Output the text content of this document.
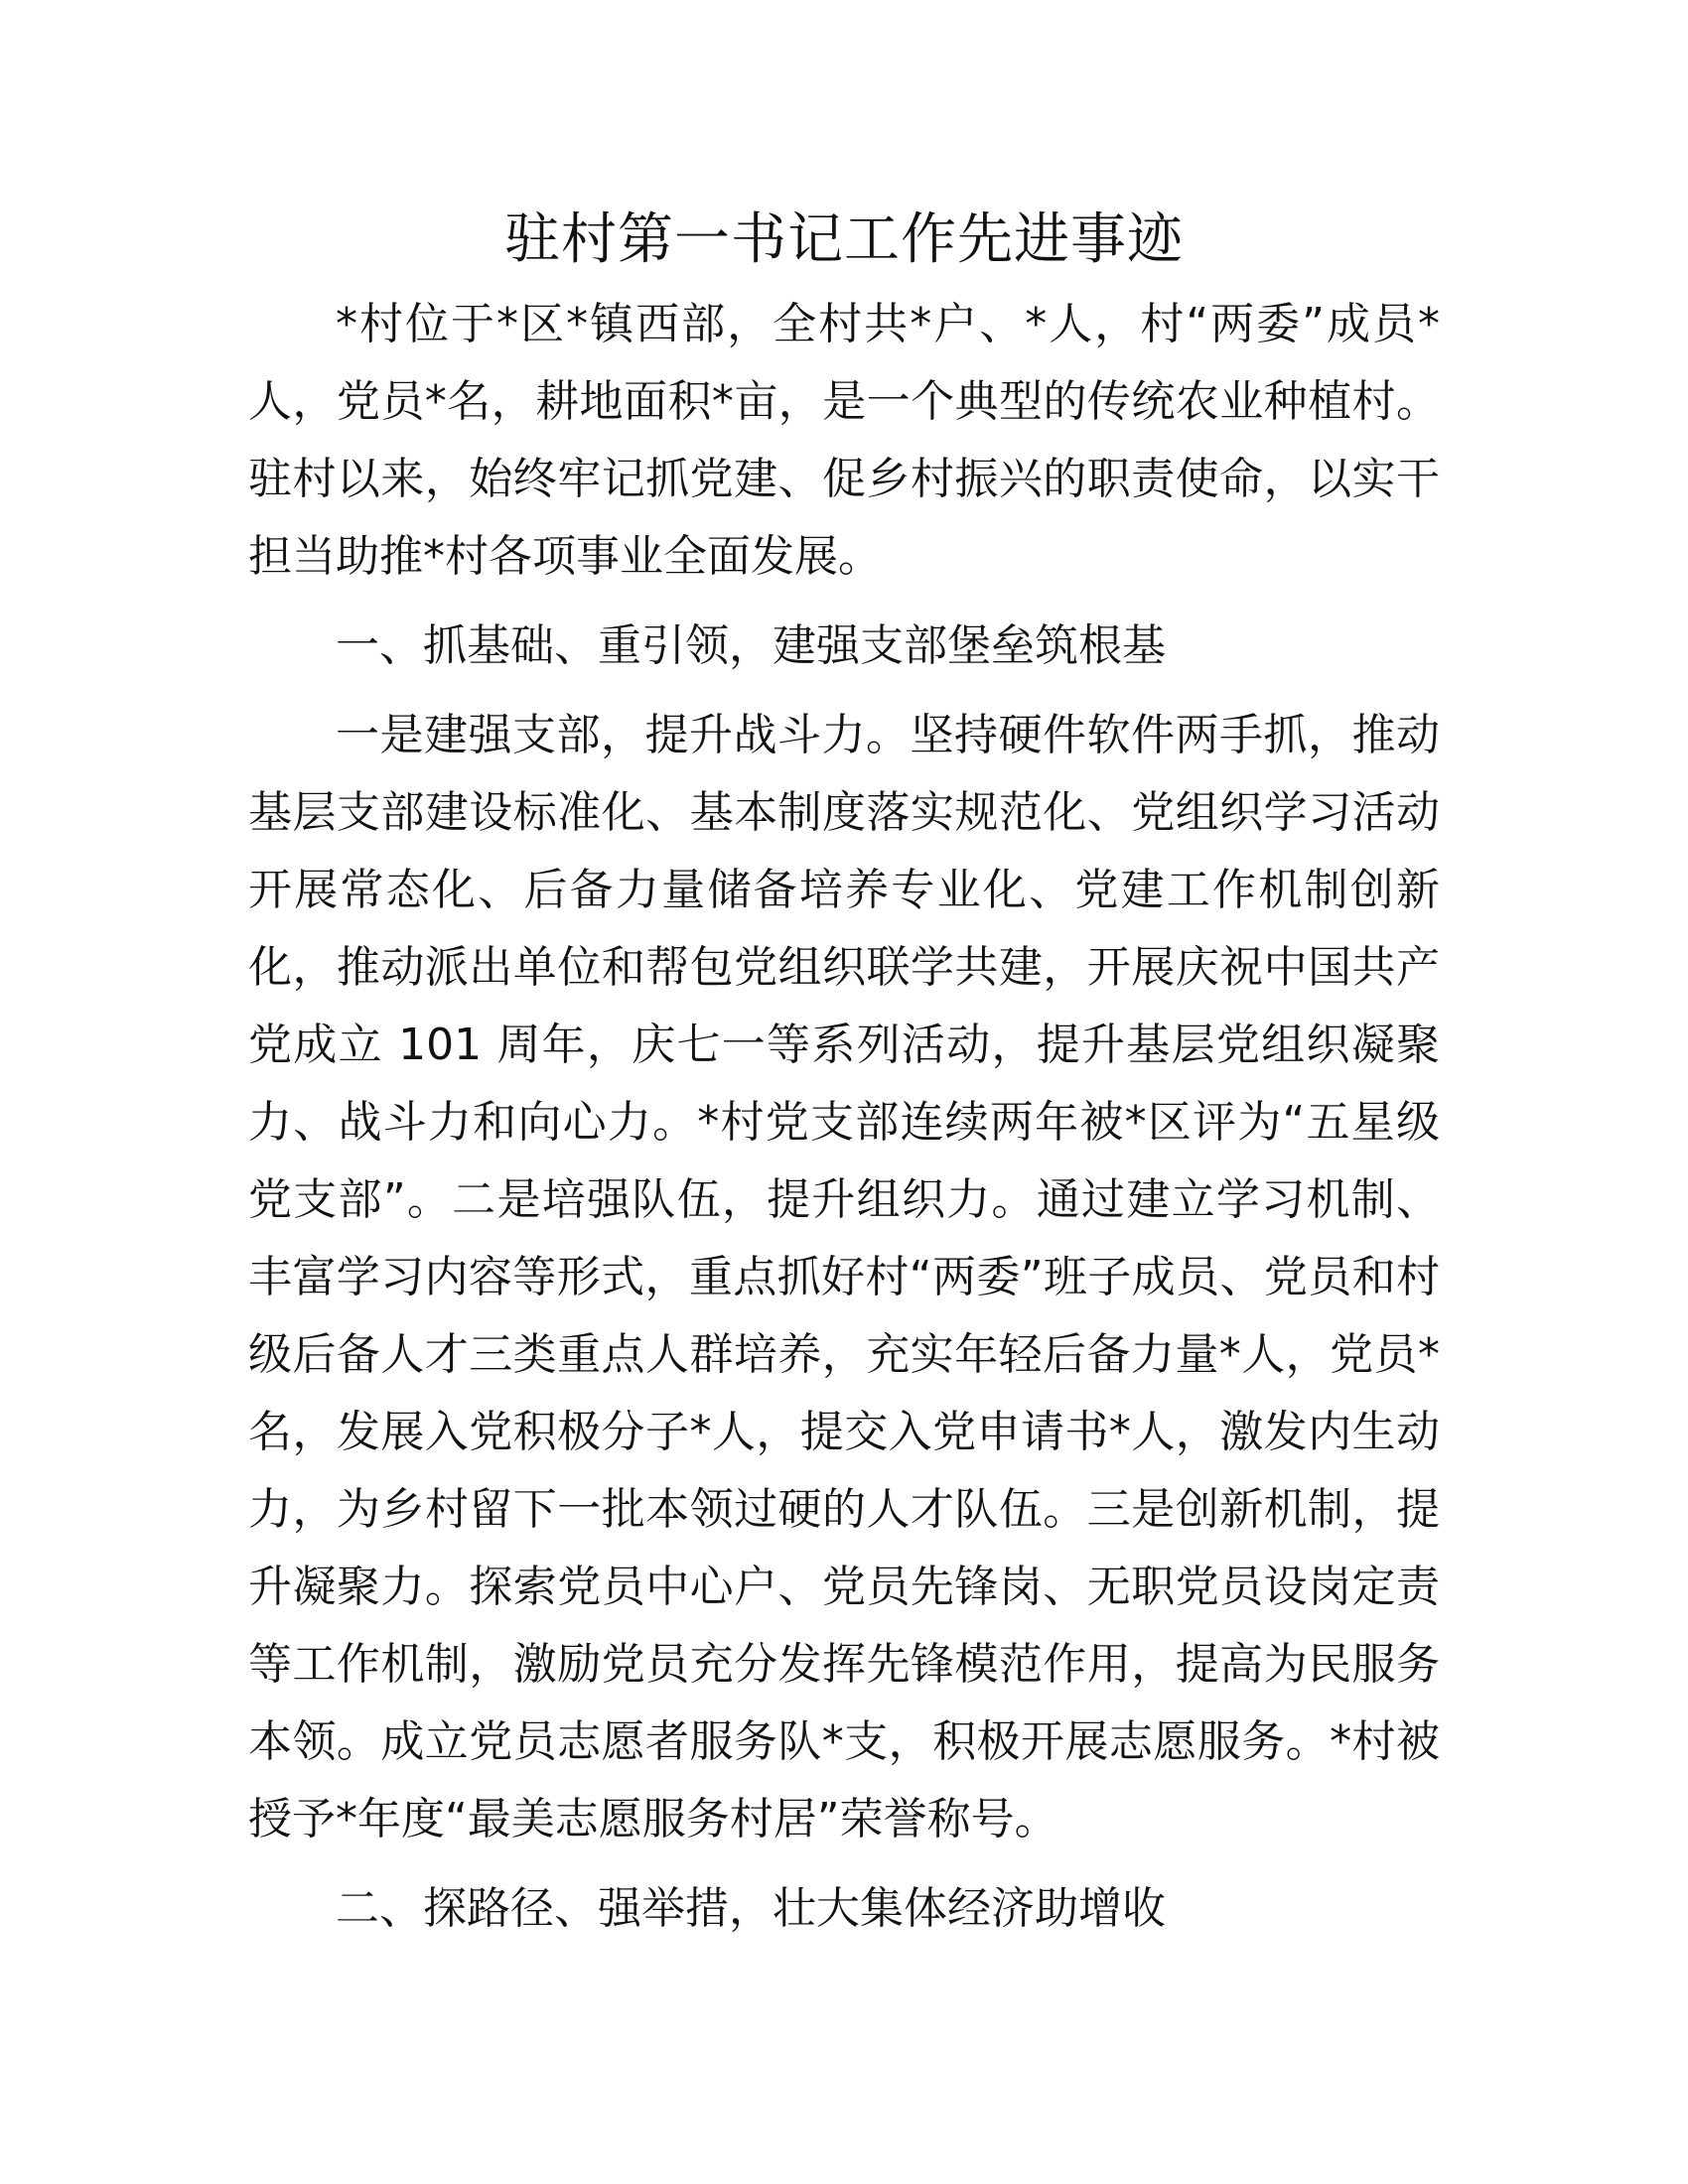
驻村第一书记工作先进事迹

*村位于*区*镇西部，全村共*户、*人，村“两委”成员*人，党员*名，耕地面积*亩，是一个典型的传统农业种植村。驻村以来，始终牢记抓党建、促乡村振兴的职责使命，以实干担当助推*村各项事业全面发展。

一、抓基础、重引领，建强支部堡垒筑根基

一是建强支部，提升战斗力。坚持硬件软件两手抓，推动基层支部建设标准化、基本制度落实规范化、党组织学习活动开展常态化、后备力量储备培养专业化、党建工作机制创新化，推动派出单位和帮包党组织联学共建，开展庆祝中国共产党成立 101 周年，庆七一等系列活动，提升基层党组织凝聚力、战斗力和向心力。*村党支部连续两年被*区评为“五星级党支部”。二是培强队伍，提升组织力。通过建立学习机制、丰富学习内容等形式，重点抓好村“两委”班子成员、党员和村级后备人才三类重点人群培养，充实年轻后备力量*人，党员*名，发展入党积极分子*人，提交入党申请书*人，激发内生动力，为乡村留下一批本领过硬的人才队伍。三是创新机制，提升凝聚力。探索党员中心户、党员先锋岗、无职党员设岗定责等工作机制，激励党员充分发挥先锋模范作用，提高为民服务本领。成立党员志愿者服务队*支，积极开展志愿服务。*村被授予*年度“最美志愿服务村居”荣誉称号。

二、探路径、强举措，壮大集体经济助增收
